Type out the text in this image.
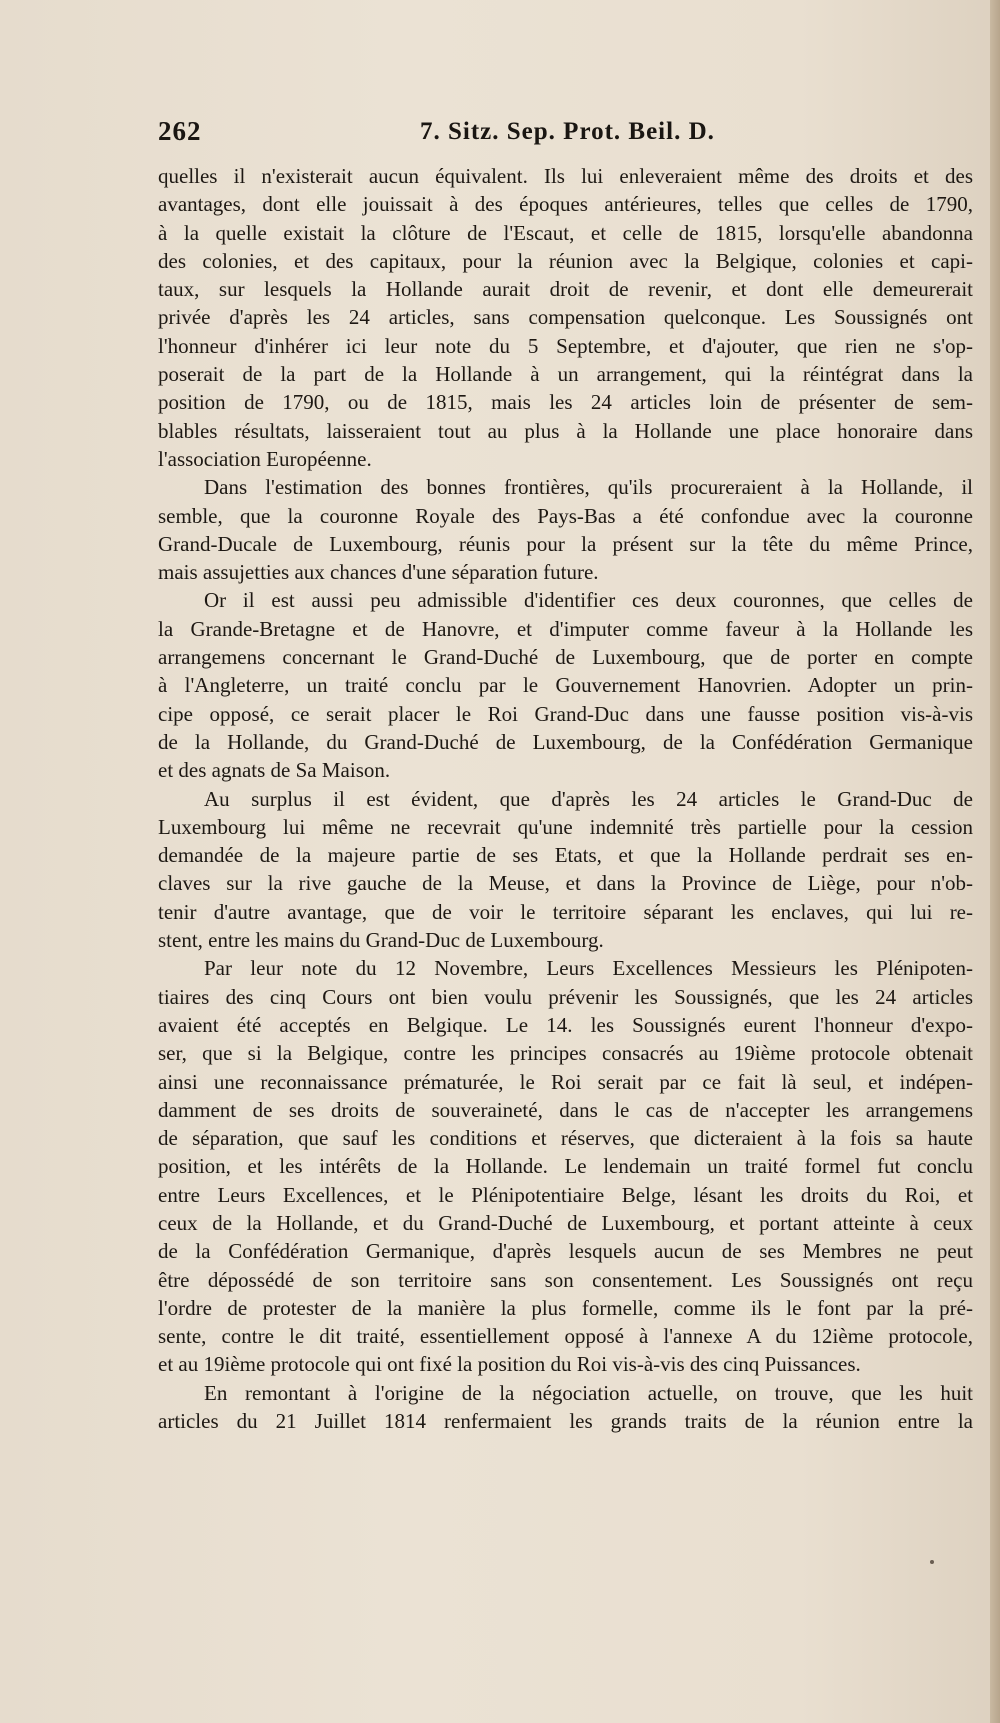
262	7. Sitz. Sep. Prot. Beil. D.
quelles il n'existerait aucun équivalent. Ils lui enleveraient même des droits et des
avantages, dont elle jouissait à des époques antérieures, telles que celles de 1790,
à la quelle existait la clôture de l'Escaut, et celle de 1815, lorsqu'elle abandonna
des colonies, et des capitaux, pour la réunion avec la Belgique, colonies et capi-
taux, sur lesquels la Hollande aurait droit de revenir, et dont elle demeurerait
privée d'après les 24 articles, sans compensation quelconque. Les Soussignés ont
l'honneur d'inhérer ici leur note du 5 Septembre, et d'ajouter, que rien ne s'op-
poserait de la part de la Hollande à un arrangement, qui la réintégrat dans la
position de 1790, ou de 1815, mais les 24 articles loin de présenter de sem-
blables résultats, laisseraient tout au plus à la Hollande une place honoraire dans
l'association Européenne.
Dans l'estimation des bonnes frontières, qu'ils procureraient à la Hollande, il
semble, que la couronne Royale des Pays-Bas a été confondue avec la couronne
Grand-Ducale de Luxembourg, réunis pour la présent sur la tête du même Prince,
mais assujetties aux chances d'une séparation future.
Or il est aussi peu admissible d'identifier ces deux couronnes, que celles de
la Grande-Bretagne et de Hanovre, et d'imputer comme faveur à la Hollande les
arrangemens concernant le Grand-Duché de Luxembourg, que de porter en compte
à l'Angleterre, un traité conclu par le Gouvernement Hanovrien. Adopter un prin-
cipe opposé, ce serait placer le Roi Grand-Duc dans une fausse position vis-à-vis
de la Hollande, du Grand-Duché de Luxembourg, de la Confédération Germanique
et des agnats de Sa Maison.
Au surplus il est évident, que d'après les 24 articles le Grand-Duc de
Luxembourg lui même ne recevrait qu'une indemnité très partielle pour la cession
demandée de la majeure partie de ses Etats, et que la Hollande perdrait ses en-
claves sur la rive gauche de la Meuse, et dans la Province de Liège, pour n'ob-
tenir d'autre avantage, que de voir le territoire séparant les enclaves, qui lui re-
stent, entre les mains du Grand-Duc de Luxembourg.
Par leur note du 12 Novembre, Leurs Excellences Messieurs les Plénipoten-
tiaires des cinq Cours ont bien voulu prévenir les Soussignés, que les 24 articles
avaient été acceptés en Belgique. Le 14. les Soussignés eurent l'honneur d'expo-
ser, que si la Belgique, contre les principes consacrés au 19ième protocole obtenait
ainsi une reconnaissance prématurée, le Roi serait par ce fait là seul, et indépen-
damment de ses droits de souveraineté, dans le cas de n'accepter les arrangemens
de séparation, que sauf les conditions et réserves, que dicteraient à la fois sa haute
position, et les intérêts de la Hollande. Le lendemain un traité formel fut conclu
entre Leurs Excellences, et le Plénipotentiaire Belge, lésant les droits du Roi, et
ceux de la Hollande, et du Grand-Duché de Luxembourg, et portant atteinte à ceux
de la Confédération Germanique, d'après lesquels aucun de ses Membres ne peut
être dépossédé de son territoire sans son consentement. Les Soussignés ont reçu
l'ordre de protester de la manière la plus formelle, comme ils le font par la pré-
sente, contre le dit traité, essentiellement opposé à l'annexe A du 12ième protocole,
et au 19ième protocole qui ont fixé la position du Roi vis-à-vis des cinq Puissances.
En remontant à l'origine de la négociation actuelle, on trouve, que les huit
articles du 21 Juillet 1814 renfermaient les grands traits de la réunion entre la
